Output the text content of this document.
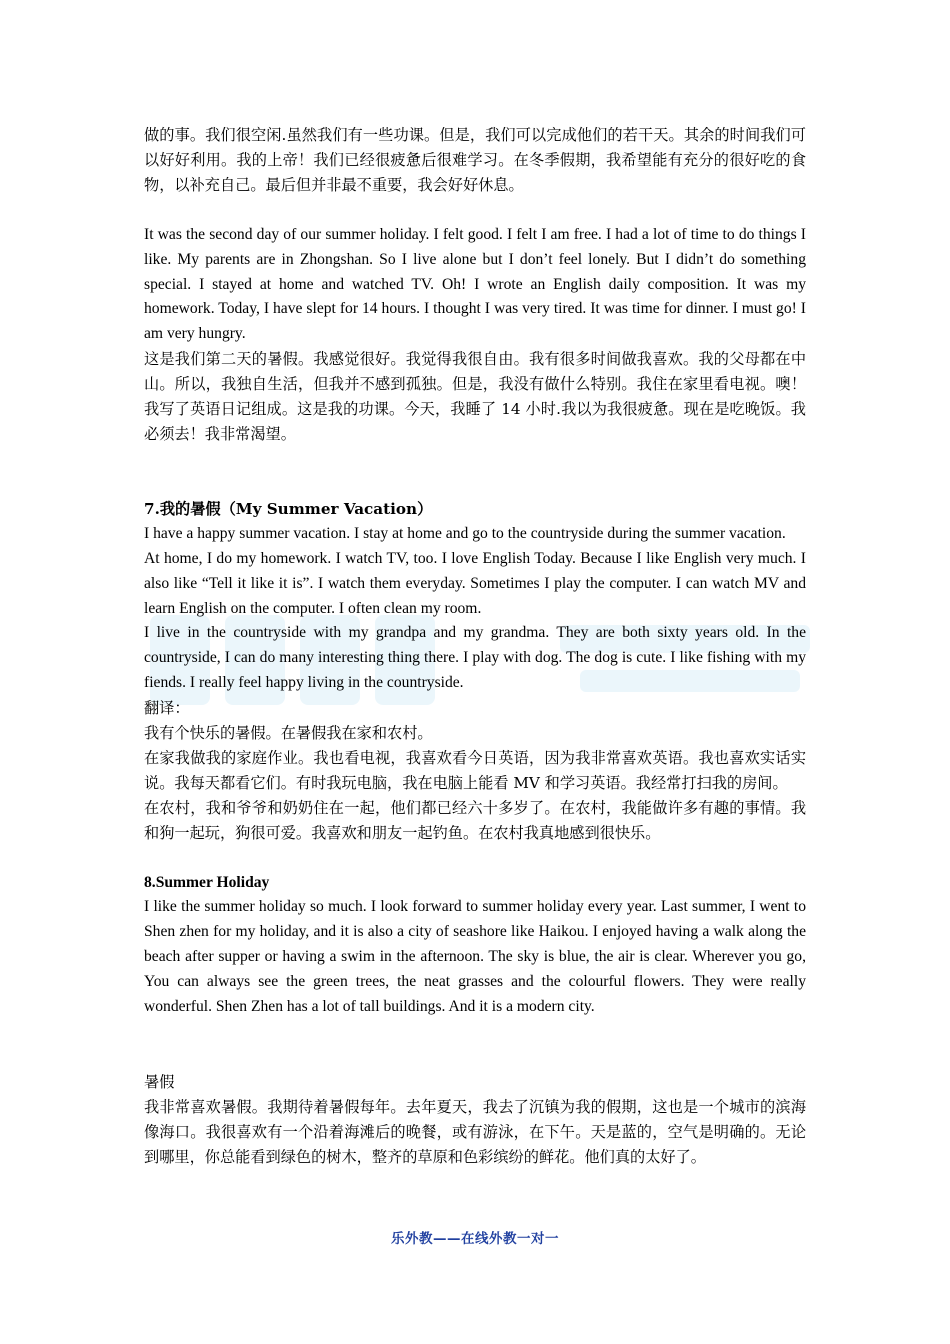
做的事。我们很空闲.虽然我们有一些功课。但是，我们可以完成他们的若干天。其余的时间我们可以好好利用。我的上帝！我们已经很疲惫后很难学习。在冬季假期，我希望能有充分的很好吃的食物，以补充自己。最后但并非最不重要，我会好好休息。

It was the second day of our summer holiday. I felt good. I felt I am free. I had a lot of time to do things I like. My parents are in Zhongshan. So I live alone but I don’t feel lonely. But I didn’t do something special. I stayed at home and watched TV. Oh! I wrote an English daily composition. It was my homework. Today, I have slept for 14 hours. I thought I was very tired. It was time for dinner. I must go! I am very hungry.

这是我们第二天的暑假。我感觉很好。我觉得我很自由。我有很多时间做我喜欢。我的父母都在中山。所以，我独自生活，但我并不感到孤独。但是，我没有做什么特别。我住在家里看电视。噢！我写了英语日记组成。这是我的功课。今天，我睡了 14 小时.我以为我很疲惫。现在是吃晚饭。我必须去！我非常渴望。

7.我的暑假（My Summer Vacation）

I have a happy summer vacation. I stay at home and go to the countryside during the summer vacation.

At home, I do my homework. I watch TV, too. I love English Today. Because I like English very much. I also like “Tell it like it is”. I watch them everyday. Sometimes I play the computer. I can watch MV and learn English on the computer. I often clean my room.

I live in the countryside with my grandpa and my grandma. They are both sixty years old. In the countryside, I can do many interesting thing there. I play with dog. The dog is cute. I like fishing with my fiends. I really feel happy living in the countryside.

翻译：

我有个快乐的暑假。在暑假我在家和农村。

在家我做我的家庭作业。我也看电视，我喜欢看今日英语，因为我非常喜欢英语。我也喜欢实话实说。我每天都看它们。有时我玩电脑，我在电脑上能看 MV 和学习英语。我经常打扫我的房间。

在农村，我和爷爷和奶奶住在一起，他们都已经六十多岁了。在农村，我能做许多有趣的事情。我和狗一起玩，狗很可爱。我喜欢和朋友一起钓鱼。在农村我真地感到很快乐。

8.Summer Holiday

I like the summer holiday so much. I look forward to summer holiday every year. Last summer, I went to Shen zhen for my holiday, and it is also a city of seashore like Haikou. I enjoyed having a walk along the beach after supper or having a swim in the afternoon. The sky is blue, the air is clear. Wherever you go, You can always see the green trees, the neat grasses and the colourful flowers. They were really wonderful. Shen Zhen has a lot of tall buildings. And it is a modern city.

暑假

我非常喜欢暑假。我期待着暑假每年。去年夏天，我去了沉镇为我的假期，这也是一个城市的滨海像海口。我很喜欢有一个沿着海滩后的晚餐，或有游泳，在下午。天是蓝的，空气是明确的。无论到哪里，你总能看到绿色的树木，整齐的草原和色彩缤纷的鲜花。他们真的太好了。

乐外教——在线外教一对一
